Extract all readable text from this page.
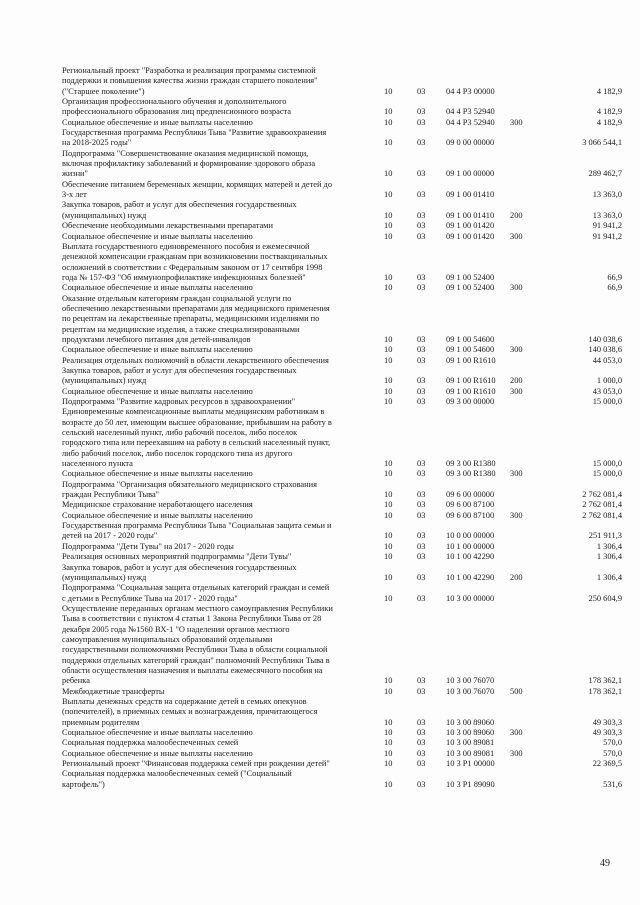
Региональный проект "Разработка и реализация программы системной
поддержки и повышения качества жизни граждан старшего поколения"
("Старшее поколение")	10	03 04 4 P3 00000	4 182,9
Организация профессионального обучения и дополнительного
профессионального образования лиц предпенсионного возраста	10	03 04 4 P3 52940	4 182,9
Социальное обеспечение и иные выплаты населению	10	03 04 4 P3 52940 300	4 182,9
Государственная программа Республики Тыва "Развитие здравоохранения
на 2018-2025 годы"	10	03 09 0 00 00000	3 066 544,1
Подпрограмма "Совершенствование оказания медицинской помощи,
включая профилактику заболеваний и формирование здорового образа
жизни"	10	03 09 1 00 00000	289 462,7
Обеспечение питанием беременных женщин, кормящих матерей и детей до
3-х лет	10	03 09 1 00 01410	13 363,0
Закупка товаров, работ и услуг для обеспечения государственных
(муниципальных) нужд	10	03 09 1 00 01410 200	13 363,0
Обеспечение необходимыми лекарственными препаратами	10	03 09 1 00 01420	91 941,2
Социальное обеспечение и иные выплаты населению	10	03 09 1 00 01420 300	91 941,2
Выплата государственного единовременного пособия и ежемесячной
денежной компенсации гражданам при возникновении поствакцинальных
осложнений в соответствии с Федеральным законом от 17 сентября 1998
года № 157-ФЗ "Об иммунопрофилактике инфекционных болезней"	10	03 09 1 00 52400	66,9
Социальное обеспечение и иные выплаты населению	10	03 09 1 00 52400 300	66,9
Оказание отдельным категориям граждан социальной услуги по
обеспечению лекарственными препаратами для медицинского применения
по рецептам на лекарственные препараты, медицинскими изделиями по
рецептам на медицинские изделия, а также специализированными
продуктами лечебного питания для детей-инвалидов	10	03 09 1 00 54600	140 038,6
Социальное обеспечение и иные выплаты населению	10	03 09 1 00 54600 300	140 038,6
Реализация отдельных полномочий в области лекарственного обеспечения	10	03 09 1 00 R1610	44 053,0
Закупка товаров, работ и услуг для обеспечения государственных
(муниципальных) нужд	10	03 09 1 00 R1610 200	1 000,0
Социальное обеспечение и иные выплаты населению	10	03 09 1 00 R1610 300	43 053,0
Подпрограмма "Развитие кадровых ресурсов в здравоохранении"	10	03 09 3 00 00000	15 000,0
Единовременные компенсационные выплаты медицинским работникам в
возрасте до 50 лет, имеющим высшее образование, прибывшим на работу в
сельский населенный пункт, либо рабочий поселок, либо поселок
городского типа или переехавшим на работу в сельский населенный пункт,
либо рабочий поселок, либо поселок городского типа из другого
населенного пункта	10	03 09 3 00 R1380	15 000,0
Социальное обеспечение и иные выплаты населению	10	03 09 3 00 R1380 300	15 000,0
Подпрограмма "Организация обязательного медицинского страхования
граждан Республики Тыва"	10	03 09 6 00 00000	2 762 081,4
Медицинское страхование неработающего населения	10	03 09 6 00 87100	2 762 081,4
Социальное обеспечение и иные выплаты населению	10	03 09 6 00 87100 300	2 762 081,4
Государственная программа Республики Тыва "Социальная защита семьи и
детей на 2017 - 2020 годы"	10	03 10 0 00 00000	251 911,3
Подпрограмма "Дети Тувы" на 2017 - 2020 годы	10	03 10 1 00 00000	1 306,4
Реализация основных мероприятий подпрограммы "Дети Тувы"	10	03 10 1 00 42290	1 306,4
Закупка товаров, работ и услуг для обеспечения государственных
(муниципальных) нужд	10	03 10 1 00 42290 200	1 306,4
Подпрограмма "Социальная защита отдельных категорий граждан и семей
с детьми в Республике Тыва на 2017 - 2020 годы"	10	03 10 3 00 00000	250 604,9
Осуществление переданных органам местного самоуправления Республики
Тыва в соответствии с пунктом 4 статьи 1 Закона Республики Тыва от 28
декабря 2005 года №1560 ВХ-1 "О наделении органов местного
самоуправления муниципальных образований отдельными
государственными полномочиями Республики Тыва в области социальной
поддержки отдельных категорий граждан" полномочий Республики Тыва в
области осуществления назначения и выплаты ежемесячного пособия на
ребенка	10	03 10 3 00 76070	178 362,1
Межбюджетные трансферты	10	03 10 3 00 76070 500	178 362,1
Выплаты денежных средств на содержание детей в семьях опекунов
(попечителей), в приемных семьях и вознаграждения, причитающегося
приемным родителям	10	03 10 3 00 89060	49 303,3
Социальное обеспечение и иные выплаты населению	10	03 10 3 00 89060 300	49 303,3
Социальная поддержка малообеспеченных семей	10	03 10 3 00 89081	570,0
Социальное обеспечение и иные выплаты населению	10	03 10 3 00 89081 300	570,0
Региональный проект "Финансовая поддержка семей при рождении детей"	10	03 10 3 P1 00000	22 369,5
Социальная поддержка малообеспеченных семей ("Социальный
картофель")	10	03 10 3 P1 89090	531,6
49
